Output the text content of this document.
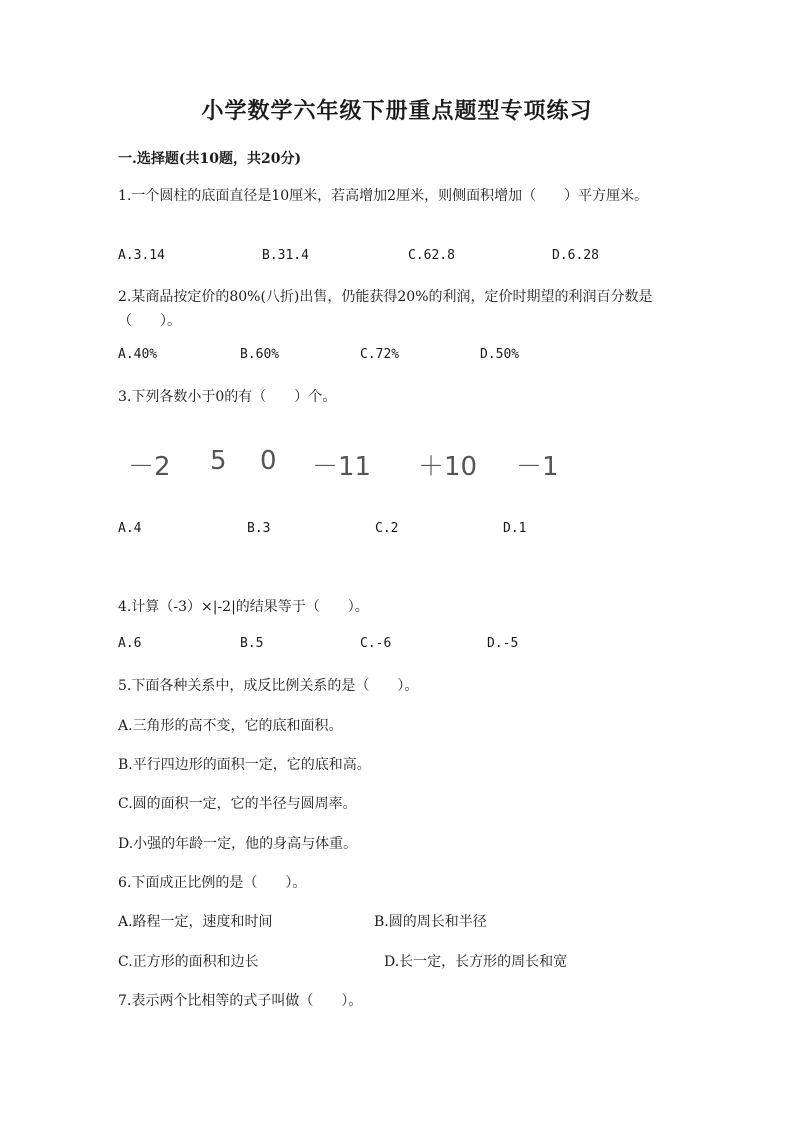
小学数学六年级下册重点题型专项练习
一.选择题(共10题，共20分)
1.一个圆柱的底面直径是10厘米，若高增加2厘米，则侧面积增加（　　）平方厘米。
A.3.14	B.31.4	C.62.8	D.6.28
2.某商品按定价的80%(八折)出售，仍能获得20%的利润，定价时期望的利润百分数是（　　）。
A.40%	B.60%	C.72%	D.50%
3.下列各数小于0的有（　　）个。
－2 5 0 －11 ＋10 －1
A.4	B.3	C.2	D.1
4.计算（-3）×|-2|的结果等于（　　）。
A.6	B.5	C.-6	D.-5
5.下面各种关系中，成反比例关系的是（　　）。
A.三角形的高不变，它的底和面积。
B.平行四边形的面积一定，它的底和高。
C.圆的面积一定，它的半径与圆周率。
D.小强的年龄一定，他的身高与体重。
6.下面成正比例的是（　　）。
A.路程一定，速度和时间	B.圆的周长和半径
C.正方形的面积和边长	D.长一定，长方形的周长和宽
7.表示两个比相等的式子叫做（　　）。
